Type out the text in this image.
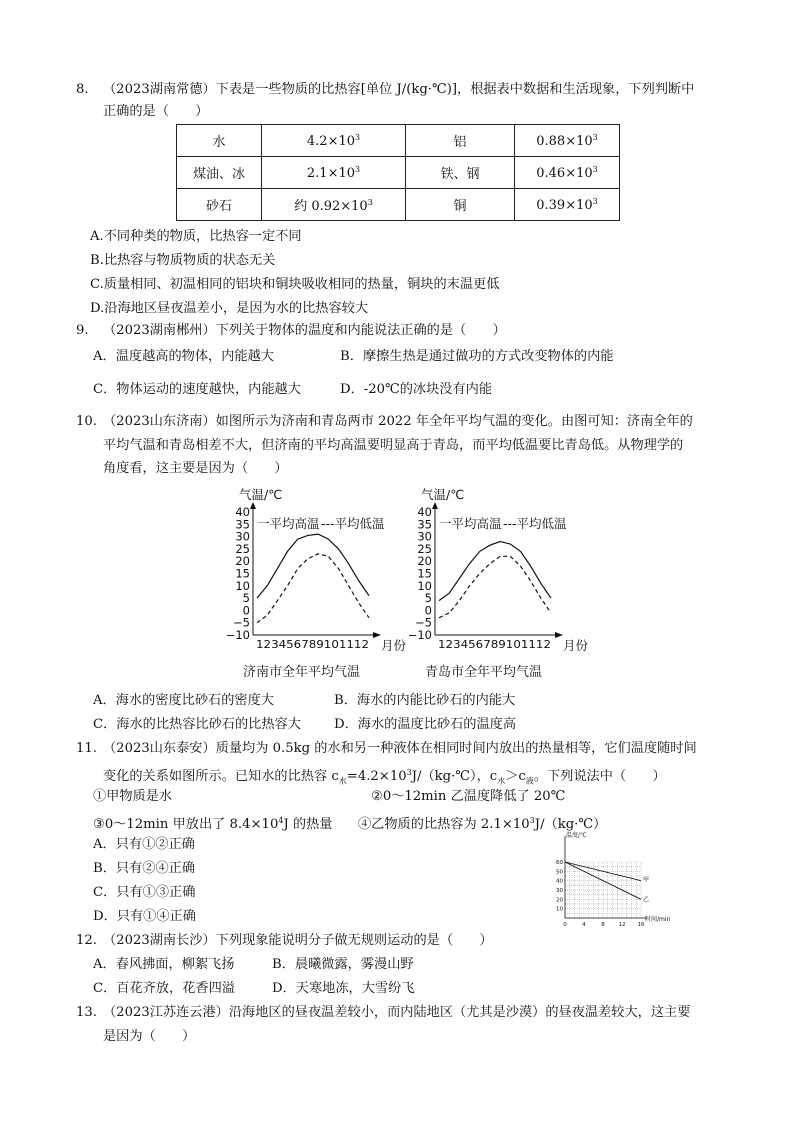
8. （2023湖南常德）下表是一些物质的比热容[单位 J/(kg·℃)]，根据表中数据和生活现象，下列判断中
正确的是（　　）
水	$4.2\times 10^3$	铝	$0.88\times 10^3$
煤油、冰	$2.1\times 10^3$	铁、钢	$0.46\times 10^3$
砂石	约 $0.92\times 10^3$	铜	$0.39\times 10^3$
A.不同种类的物质，比热容一定不同
B.比热容与物质物质的状态无关
C.质量相同、初温相同的铝块和铜块吸收相同的热量，铜块的末温更低
D.沿海地区昼夜温差小，是因为水的比热容较大
9. （2023湖南郴州）下列关于物体的温度和内能说法正确的是（　　）
A．温度越高的物体，内能越大	B．摩擦生热是通过做功的方式改变物体的内能
C．物体运动的速度越快，内能越大	D．-20℃的冰块没有内能
10. （2023山东济南）如图所示为济南和青岛两市 2022 年全年平均气温的变化。由图可知：济南全年的
平均气温和青岛相差不大，但济南的平均高温要明显高于青岛，而平均低温要比青岛低。从物理学的
角度看，这主要是因为（　　）
气温/℃
40
35
30
25
20
15
10
5
0
−5
−10
123456789101112 月份
一平均高温 ---平均低温
济南市全年平均气温
气温/℃
40
35
30
25
20
15
10
5
0
−5
−10
123456789101112 月份
一平均高温 ---平均低温
青岛市全年平均气温
A．海水的密度比砂石的密度大	B．海水的内能比砂石的内能大
C．海水的比热容比砂石的比热容大	D．海水的温度比砂石的温度高
11. （2023山东泰安）质量均为 0.5kg 的水和另一种液体在相同时间内放出的热量相等，它们温度随时间
变化的关系如图所示。已知水的比热容 $c_水=4.2\times 10^3J/(kg\cdot℃)$，$c_水>c_液$。下列说法中（　　）
①甲物质是水	②0～12min 乙温度降低了 20℃
③0～12min 甲放出了 $8.4\times 10^4J$ 的热量 ④乙物质的比热容为 $2.1\times 10^3J/(kg\cdot℃)$
A．只有①②正确
B．只有②④正确
C．只有①③正确
D．只有①④正确
温度/℃
时间/min
60
50
40
30
20
10
0	4	8	12 16
甲
乙
12. （2023湖南长沙）下列现象能说明分子做无规则运动的是（　　）
A．春风拂面，柳絮飞扬	B．晨曦微露，雾漫山野
C．百花齐放，花香四溢	D．天寒地冻，大雪纷飞
13. （2023江苏连云港）沿海地区的昼夜温差较小，而内陆地区（尤其是沙漠）的昼夜温差较大，这主要
是因为（　　）
